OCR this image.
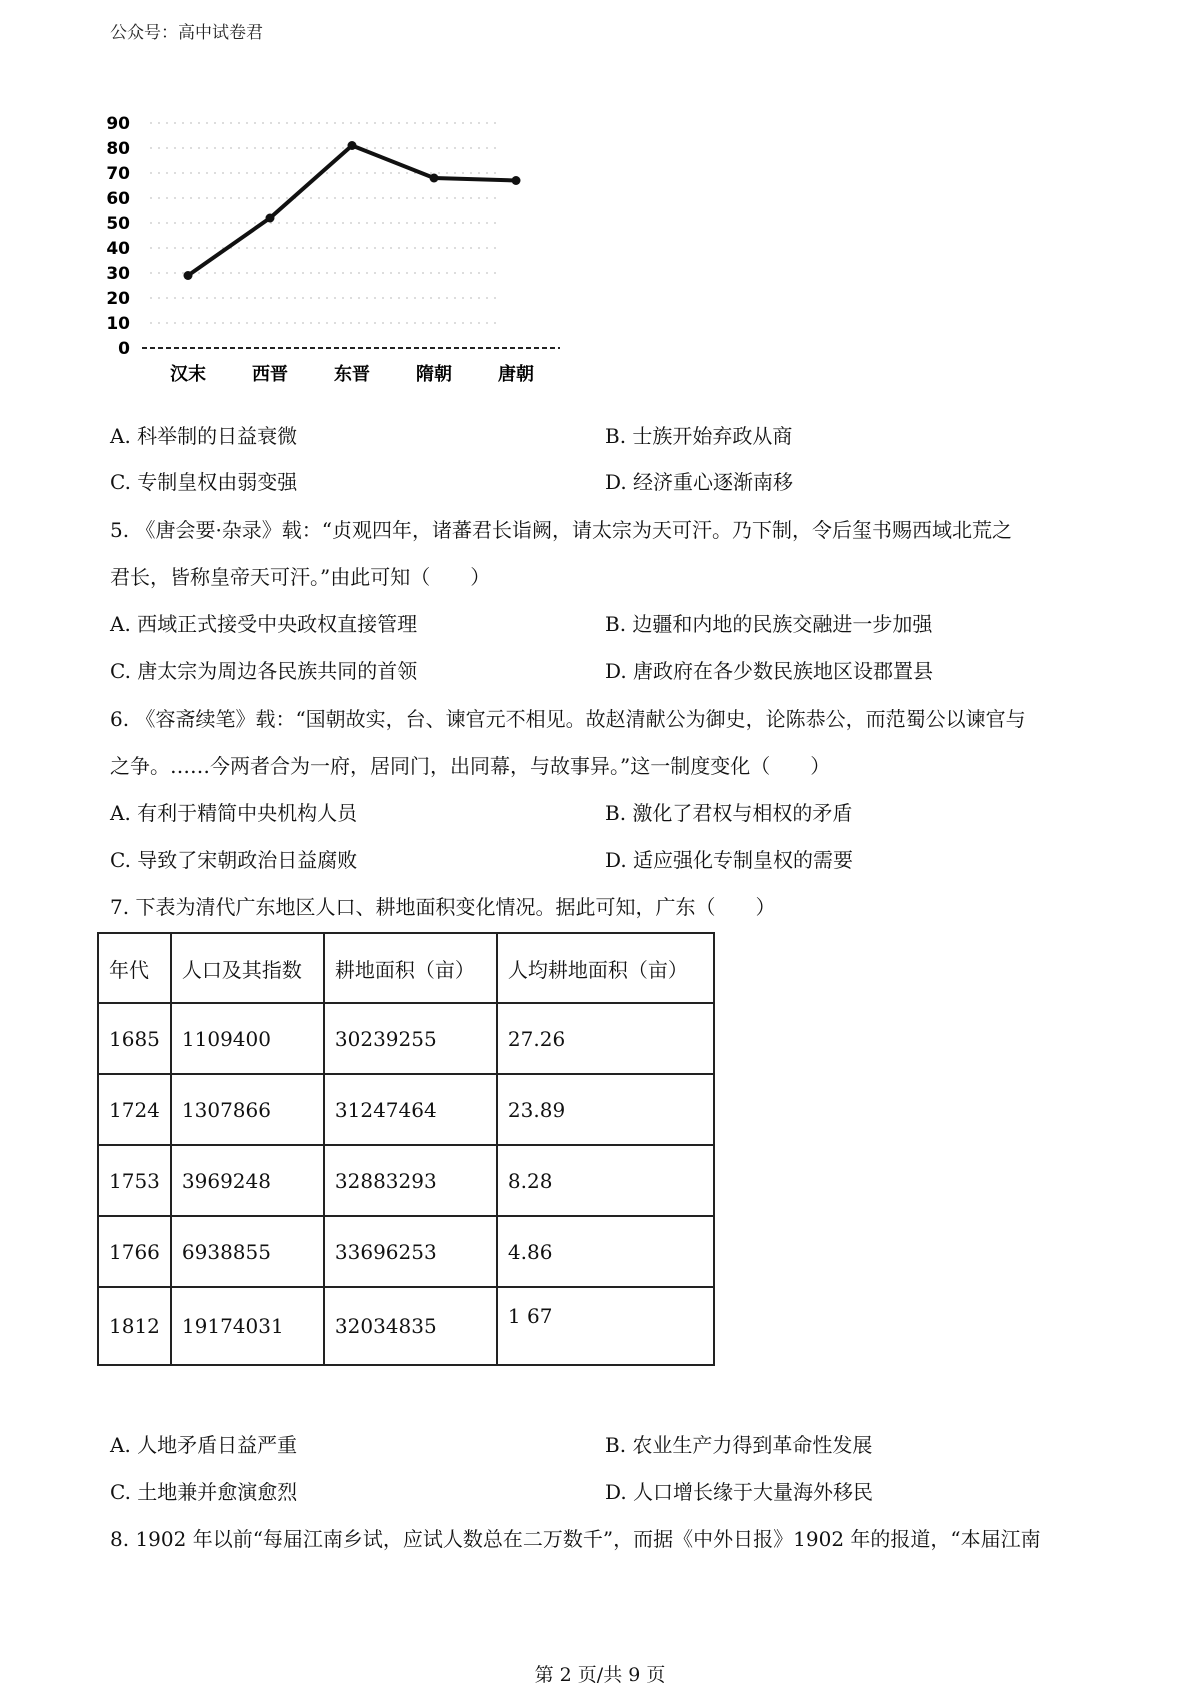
公众号：高中试卷君
0
10
20
30
40
50
60
70
80
90
汉末	西晋	东晋	隋朝	唐朝
A. 科举制的日益衰微	B. 士族开始弃政从商
C. 专制皇权由弱变强	D. 经济重心逐渐南移
5. 《唐会要·杂录》载：“贞观四年，诸蕃君长诣阙，请太宗为天可汗。乃下制，令后玺书赐西域北荒之
君长，皆称皇帝天可汗。”由此可知（　　）
A. 西域正式接受中央政权直接管理	B. 边疆和内地的民族交融进一步加强
C. 唐太宗为周边各民族共同的首领	D. 唐政府在各少数民族地区设郡置县
6. 《容斋续笔》载：“国朝故实，台、谏官元不相见。故赵清献公为御史，论陈恭公，而范蜀公以谏官与
之争。……今两者合为一府，居同门，出同幕，与故事异。”这一制度变化（　　）
A. 有利于精简中央机构人员	B. 激化了君权与相权的矛盾
C. 导致了宋朝政治日益腐败	D. 适应强化专制皇权的需要
7. 下表为清代广东地区人口、耕地面积变化情况。据此可知，广东（　　）
年代	人口及其指数	耕地面积（亩）	人均耕地面积（亩）
1685	1109400	30239255	27.26
1724	1307866	31247464	23.89
1753	3969248	32883293	8.28
1766	6938855	33696253	4.86
1812	19174031	32034835	1 67
A. 人地矛盾日益严重	B. 农业生产力得到革命性发展
C. 土地兼并愈演愈烈	D. 人口增长缘于大量海外移民
8. 1902 年以前“每届江南乡试，应试人数总在二万数千”，而据《中外日报》1902 年的报道，“本届江南
第 2 页/共 9 页
